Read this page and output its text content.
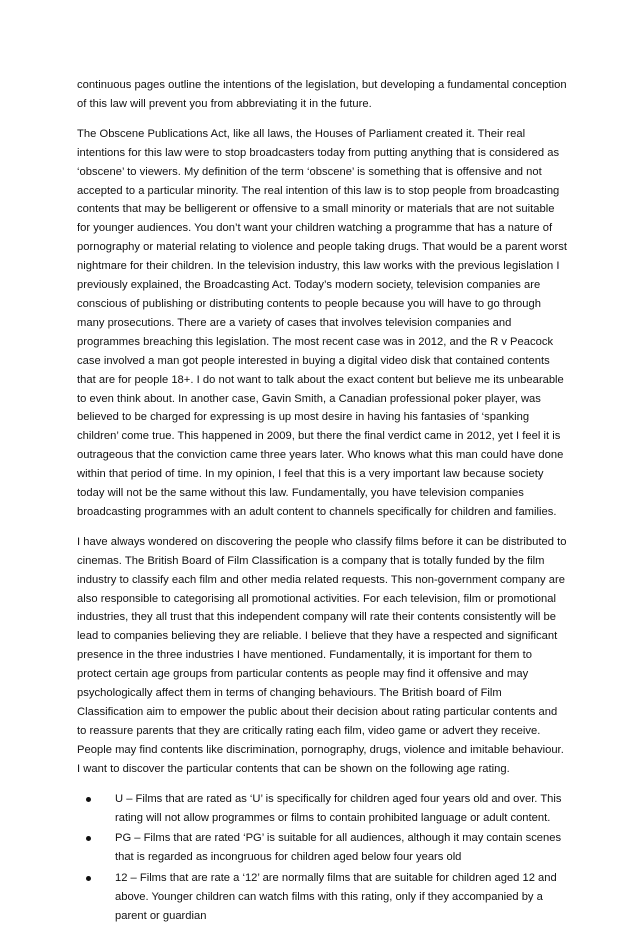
continuous pages outline the intentions of the legislation, but developing a fundamental conception of this law will prevent you from abbreviating it in the future.

The Obscene Publications Act, like all laws, the Houses of Parliament created it. Their real intentions for this law were to stop broadcasters today from putting anything that is considered as ‘obscene’ to viewers. My definition of the term ‘obscene’ is something that is offensive and not accepted to a particular minority. The real intention of this law is to stop people from broadcasting contents that may be belligerent or offensive to a small minority or materials that are not suitable for younger audiences. You don’t want your children watching a programme that has a nature of pornography or material relating to violence and people taking drugs. That would be a parent worst nightmare for their children. In the television industry, this law works with the previous legislation I previously explained, the Broadcasting Act. Today’s modern society, television companies are conscious of publishing or distributing contents to people because you will have to go through many prosecutions. There are a variety of cases that involves television companies and programmes breaching this legislation. The most recent case was in 2012, and the R v Peacock case involved a man got people interested in buying a digital video disk that contained contents that are for people 18+. I do not want to talk about the exact content but believe me its unbearable to even think about. In another case, Gavin Smith, a Canadian professional poker player, was believed to be charged for expressing is up most desire in having his fantasies of ‘spanking children’ come true. This happened in 2009, but there the final verdict came in 2012, yet I feel it is outrageous that the conviction came three years later. Who knows what this man could have done within that period of time. In my opinion, I feel that this is a very important law because society today will not be the same without this law. Fundamentally, you have television companies broadcasting programmes with an adult content to channels specifically for children and families.

I have always wondered on discovering the people who classify films before it can be distributed to cinemas. The British Board of Film Classification is a company that is totally funded by the film industry to classify each film and other media related requests. This non-government company are also responsible to categorising all promotional activities. For each television, film or promotional industries, they all trust that this independent company will rate their contents consistently will be lead to companies believing they are reliable. I believe that they have a respected and significant presence in the three industries I have mentioned. Fundamentally, it is important for them to protect certain age groups from particular contents as people may find it offensive and may psychologically affect them in terms of changing behaviours. The British board of Film Classification aim to empower the public about their decision about rating particular contents and to reassure parents that they are critically rating each film, video game or advert they receive. People may find contents like discrimination, pornography, drugs, violence and imitable behaviour. I want to discover the particular contents that can be shown on the following age rating.

U – Films that are rated as ‘U’ is specifically for children aged four years old and over. This rating will not allow programmes or films to contain prohibited language or adult content.
PG – Films that are rated ‘PG’ is suitable for all audiences, although it may contain scenes that is regarded as incongruous for children aged below four years old
12 – Films that are rate a ‘12’ are normally films that are suitable for children aged 12 and above. Younger children can watch films with this rating, only if they accompanied by a parent or guardian
